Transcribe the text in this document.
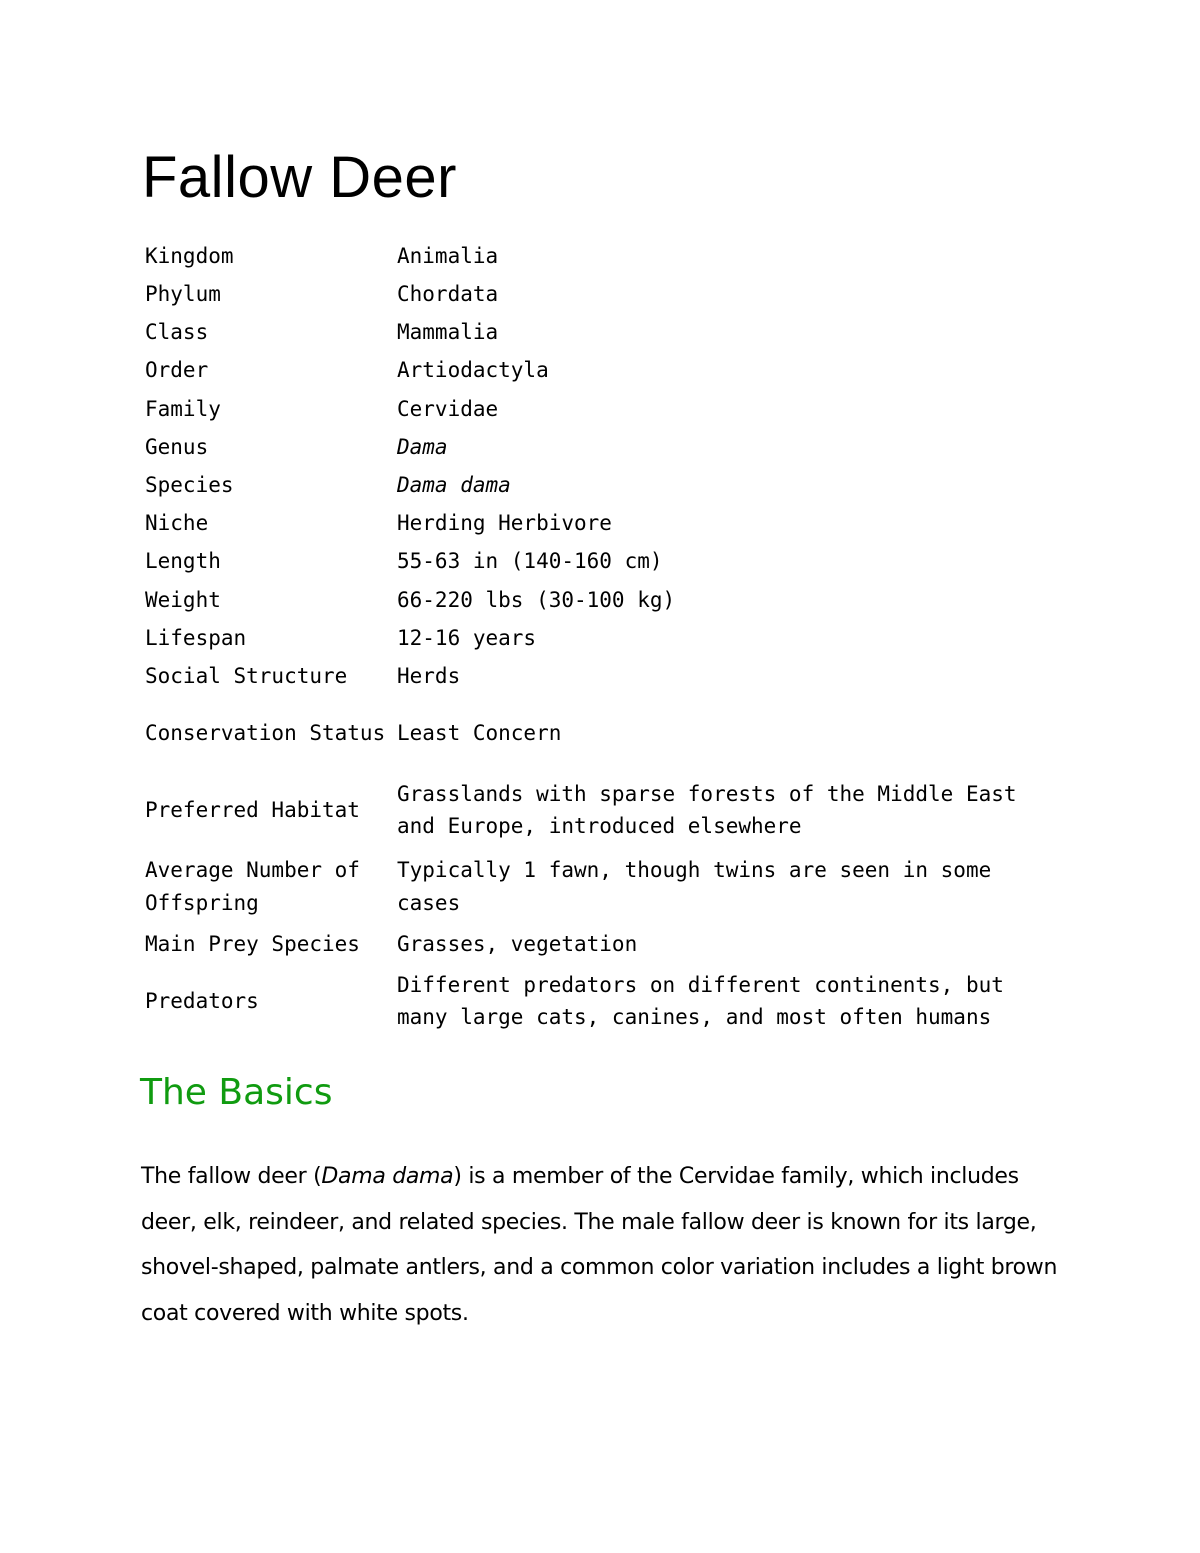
Fallow Deer
Kingdom	Animalia
Phylum	Chordata
Class	Mammalia
Order	Artiodactyla
Family	Cervidae
Genus	Dama
Species	Dama dama
Niche	Herding Herbivore
Length	55-63 in (140-160 cm)
Weight	66-220 lbs (30-100 kg)
Lifespan	12-16 years
Social Structure	Herds
Conservation Status	Least Concern
Preferred Habitat	Grasslands with sparse forests of the Middle East and Europe, introduced elsewhere
Average Number of Offspring	Typically 1 fawn, though twins are seen in some cases
Main Prey Species	Grasses, vegetation
Predators	Different predators on different continents, but many large cats, canines, and most often humans
The Basics

The fallow deer (Dama dama) is a member of the Cervidae family, which includes deer, elk, reindeer, and related species. The male fallow deer is known for its large, shovel-shaped, palmate antlers, and a common color variation includes a light brown coat covered with white spots.
